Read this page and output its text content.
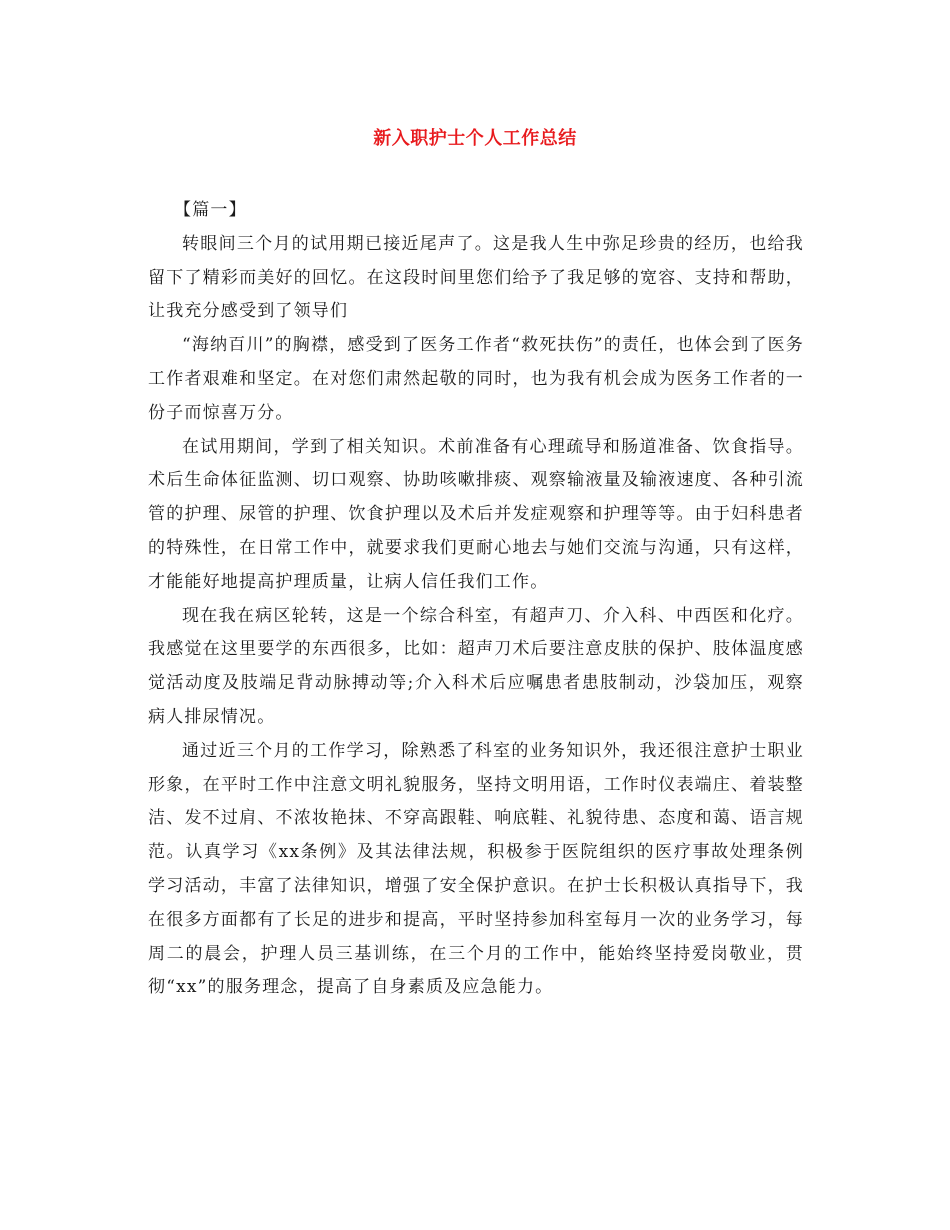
新入职护士个人工作总结

【篇一】

转眼间三个月的试用期已接近尾声了。这是我人生中弥足珍贵的经历，也给我留下了精彩而美好的回忆。在这段时间里您们给予了我足够的宽容、支持和帮助，让我充分感受到了领导们

“海纳百川”的胸襟，感受到了医务工作者“救死扶伤”的责任，也体会到了医务工作者艰难和坚定。在对您们肃然起敬的同时，也为我有机会成为医务工作者的一份子而惊喜万分。

在试用期间，学到了相关知识。术前准备有心理疏导和肠道准备、饮食指导。术后生命体征监测、切口观察、协助咳嗽排痰、观察输液量及输液速度、各种引流管的护理、尿管的护理、饮食护理以及术后并发症观察和护理等等。由于妇科患者的特殊性，在日常工作中，就要求我们更耐心地去与她们交流与沟通，只有这样，才能能好地提高护理质量，让病人信任我们工作。

现在我在病区轮转，这是一个综合科室，有超声刀、介入科、中西医和化疗。我感觉在这里要学的东西很多，比如：超声刀术后要注意皮肤的保护、肢体温度感觉活动度及肢端足背动脉搏动等;介入科术后应嘱患者患肢制动，沙袋加压，观察病人排尿情况。

通过近三个月的工作学习，除熟悉了科室的业务知识外，我还很注意护士职业形象，在平时工作中注意文明礼貌服务，坚持文明用语，工作时仪表端庄、着装整洁、发不过肩、不浓妆艳抹、不穿高跟鞋、响底鞋、礼貌待患、态度和蔼、语言规范。认真学习《xx条例》及其法律法规，积极参于医院组织的医疗事故处理条例学习活动，丰富了法律知识，增强了安全保护意识。在护士长积极认真指导下，我在很多方面都有了长足的进步和提高，平时坚持参加科室每月一次的业务学习，每周二的晨会，护理人员三基训练，在三个月的工作中，能始终坚持爱岗敬业，贯彻“xx”的服务理念，提高了自身素质及应急能力。
